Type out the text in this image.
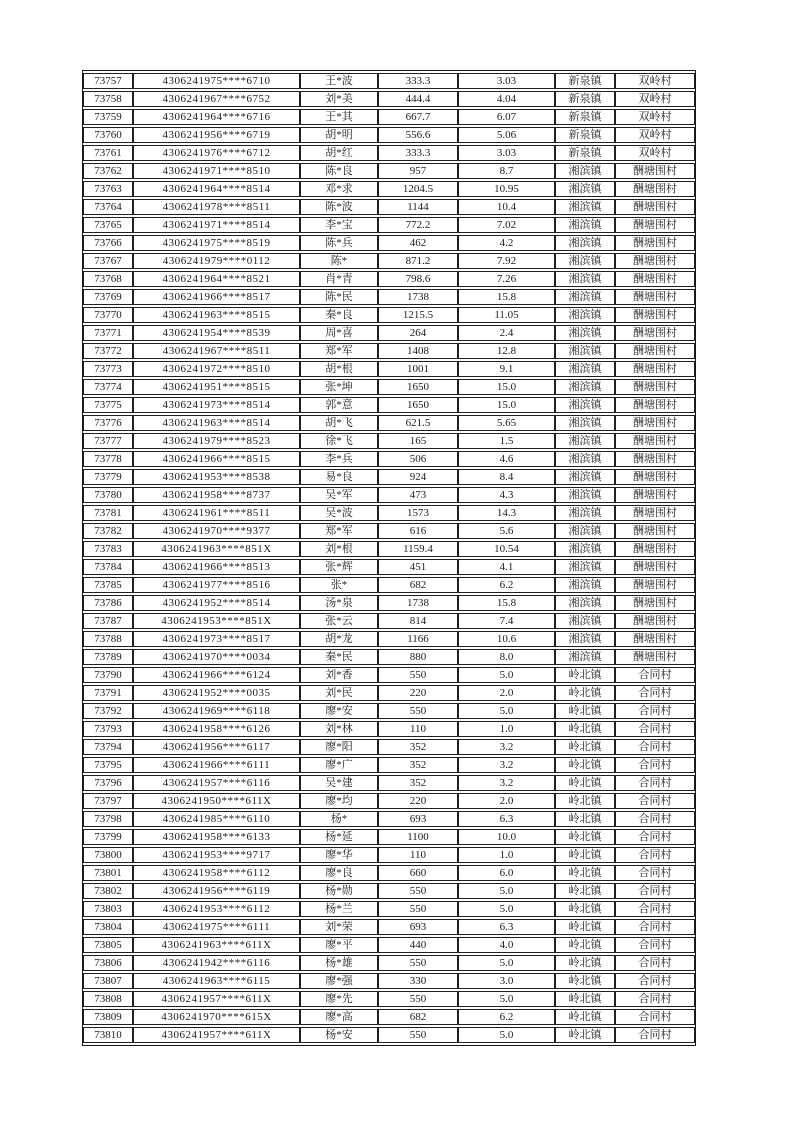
73757	4306241975****6710	王*波	333.3	3.03	新泉镇	双岭村
73758	4306241967****6752	刘*美	444.4	4.04	新泉镇	双岭村
73759	4306241964****6716	王*其	667.7	6.07	新泉镇	双岭村
73760	4306241956****6719	胡*明	556.6	5.06	新泉镇	双岭村
73761	4306241976****6712	胡*红	333.3	3.03	新泉镇	双岭村
73762	4306241971****8510	陈*良	957	8.7	湘滨镇	酬塘围村
73763	4306241964****8514	邓*求	1204.5	10.95	湘滨镇	酬塘围村
73764	4306241978****8511	陈*波	1144	10.4	湘滨镇	酬塘围村
73765	4306241971****8514	李*宝	772.2	7.02	湘滨镇	酬塘围村
73766	4306241975****8519	陈*兵	462	4.2	湘滨镇	酬塘围村
73767	4306241979****0112	陈*	871.2	7.92	湘滨镇	酬塘围村
73768	4306241964****8521	肖*青	798.6	7.26	湘滨镇	酬塘围村
73769	4306241966****8517	陈*民	1738	15.8	湘滨镇	酬塘围村
73770	4306241963****8515	秦*良	1215.5	11.05	湘滨镇	酬塘围村
73771	4306241954****8539	周*喜	264	2.4	湘滨镇	酬塘围村
73772	4306241967****8511	郑*军	1408	12.8	湘滨镇	酬塘围村
73773	4306241972****8510	胡*根	1001	9.1	湘滨镇	酬塘围村
73774	4306241951****8515	张*坤	1650	15.0	湘滨镇	酬塘围村
73775	4306241973****8514	郭*意	1650	15.0	湘滨镇	酬塘围村
73776	4306241963****8514	胡*飞	621.5	5.65	湘滨镇	酬塘围村
73777	4306241979****8523	徐*飞	165	1.5	湘滨镇	酬塘围村
73778	4306241966****8515	李*兵	506	4.6	湘滨镇	酬塘围村
73779	4306241953****8538	易*良	924	8.4	湘滨镇	酬塘围村
73780	4306241958****8737	吴*军	473	4.3	湘滨镇	酬塘围村
73781	4306241961****8511	吴*波	1573	14.3	湘滨镇	酬塘围村
73782	4306241970****9377	郑*军	616	5.6	湘滨镇	酬塘围村
73783	4306241963****851X	刘*根	1159.4	10.54	湘滨镇	酬塘围村
73784	4306241966****8513	张*辉	451	4.1	湘滨镇	酬塘围村
73785	4306241977****8516	张*	682	6.2	湘滨镇	酬塘围村
73786	4306241952****8514	汤*泉	1738	15.8	湘滨镇	酬塘围村
73787	4306241953****851X	张*云	814	7.4	湘滨镇	酬塘围村
73788	4306241973****8517	胡*龙	1166	10.6	湘滨镇	酬塘围村
73789	4306241970****0034	秦*民	880	8.0	湘滨镇	酬塘围村
73790	4306241966****6124	刘*香	550	5.0	岭北镇	合同村
73791	4306241952****0035	刘*民	220	2.0	岭北镇	合同村
73792	4306241969****6118	廖*安	550	5.0	岭北镇	合同村
73793	4306241958****6126	刘*林	110	1.0	岭北镇	合同村
73794	4306241956****6117	廖*阳	352	3.2	岭北镇	合同村
73795	4306241966****6111	廖*广	352	3.2	岭北镇	合同村
73796	4306241957****6116	吴*建	352	3.2	岭北镇	合同村
73797	4306241950****611X	廖*均	220	2.0	岭北镇	合同村
73798	4306241985****6110	杨*	693	6.3	岭北镇	合同村
73799	4306241958****6133	杨*延	1100	10.0	岭北镇	合同村
73800	4306241953****9717	廖*华	110	1.0	岭北镇	合同村
73801	4306241958****6112	廖*良	660	6.0	岭北镇	合同村
73802	4306241956****6119	杨*勋	550	5.0	岭北镇	合同村
73803	4306241953****6112	杨*兰	550	5.0	岭北镇	合同村
73804	4306241975****6111	刘*荣	693	6.3	岭北镇	合同村
73805	4306241963****611X	廖*平	440	4.0	岭北镇	合同村
73806	4306241942****6116	杨*雄	550	5.0	岭北镇	合同村
73807	4306241963****6115	廖*强	330	3.0	岭北镇	合同村
73808	4306241957****611X	廖*先	550	5.0	岭北镇	合同村
73809	4306241970****615X	廖*高	682	6.2	岭北镇	合同村
73810	4306241957****611X	杨*安	550	5.0	岭北镇	合同村
